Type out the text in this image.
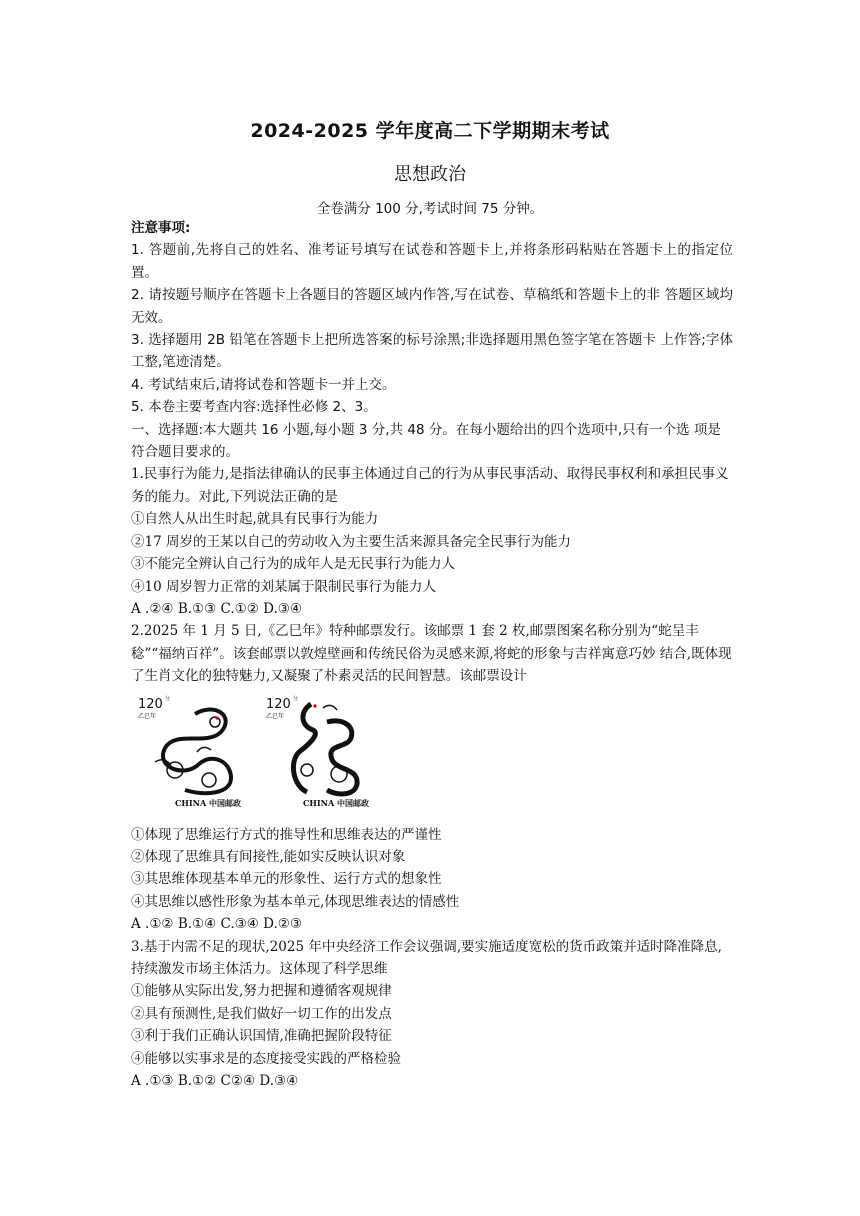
2024-2025 学年度高二下学期期末考试
思想政治
全卷满分 100 分,考试时间 75 分钟。

注意事项:

1. 答题前,先将自己的姓名、准考证号填写在试卷和答题卡上,并将条形码粘贴在答题卡上的指定位置。

2. 请按题号顺序在答题卡上各题目的答题区域内作答,写在试卷、草稿纸和答题卡上的非 答题区域均无效。

3. 选择题用 2B 铅笔在答题卡上把所选答案的标号涂黑;非选择题用黑色签字笔在答题卡 上作答;字体工整,笔迹清楚。

4. 考试结束后,请将试卷和答题卡一并上交。

5. 本卷主要考查内容:选择性必修 2、3。

一、选择题:本大题共 16 小题,每小题 3 分,共 48 分。在每小题给出的四个选项中,只有一个选 项是符合题目要求的。

1.民事行为能力,是指法律确认的民事主体通过自己的行为从事民事活动、取得民事权利和承担民事义务的能力。对此,下列说法正确的是

①自然人从出生时起,就具有民事行为能力

②17 周岁的王某以自己的劳动收入为主要生活来源具备完全民事行为能力

③不能完全辨认自己行为的成年人是无民事行为能力人

④10 周岁智力正常的刘某属于限制民事行为能力人

A .②④ B.①③ C.①② D.③④

2.2025 年 1 月 5 日,《乙巳年》特种邮票发行。该邮票 1 套 2 枚,邮票图案名称分别为“蛇呈丰 稔”“福纳百祥”。该套邮票以敦煌壁画和传统民俗为灵感来源,将蛇的形象与吉祥寓意巧妙 结合,既体现了生肖文化的独特魅力,又凝聚了朴素灵活的民间智慧。该邮票设计

120 分
乙巳年
CHINA 中国邮政
120 分
乙巳年
CHINA 中国邮政

①体现了思维运行方式的推导性和思维表达的严谨性

②体现了思维具有间接性,能如实反映认识对象

③其思维体现基本单元的形象性、运行方式的想象性

④其思维以感性形象为基本单元,体现思维表达的情感性

A .①② B.①④ C.③④ D.②③

3.基于内需不足的现状,2025 年中央经济工作会议强调,要实施适度宽松的货币政策并适时降准降息,持续激发市场主体活力。这体现了科学思维

①能够从实际出发,努力把握和遵循客观规律

②具有预测性,是我们做好一切工作的出发点

③利于我们正确认识国情,准确把握阶段特征

④能够以实事求是的态度接受实践的严格检验

A .①③ B.①② C②④ D.③④
